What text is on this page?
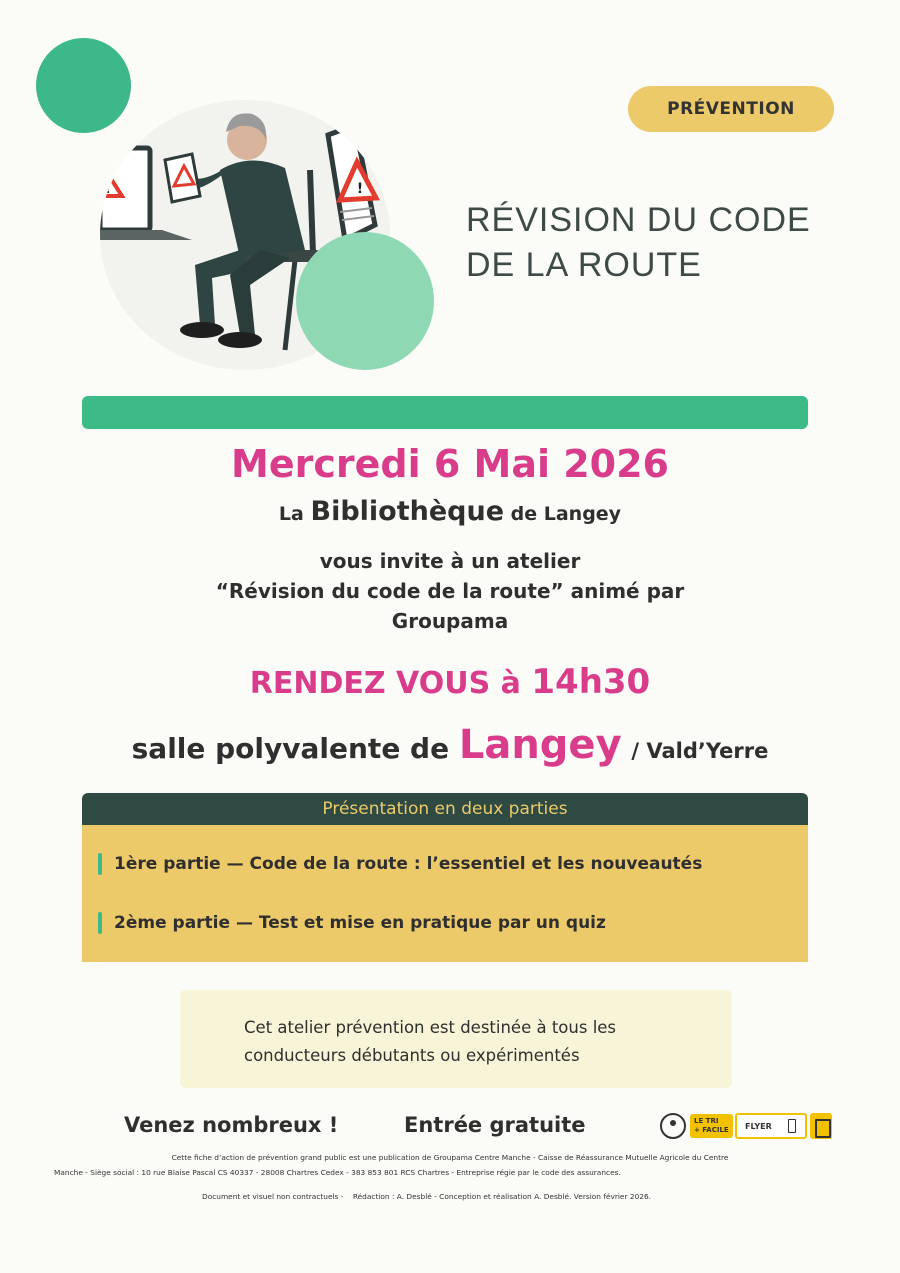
!	!
PRÉVENTION
RÉVISION DU CODE
DE LA ROUTE
Mercredi 6 Mai 2026
La Bibliothèque de Langey
vous invite à un atelier
“Révision du code de la route” animé par
Groupama
RENDEZ VOUS à 14h30
salle polyvalente de Langey / Vald’Yerre
Présentation en deux parties
1ère partie — Code de la route : l’essentiel et les nouveautés
2ème partie — Test et mise en pratique par un quiz
Cet atelier prévention est destinée à tous les
conducteurs débutants ou expérimentés
Venez nombreux !	Entrée gratuite	LE TRI
+ FACILE FLYER
Cette fiche d’action de prévention grand public est une publication de Groupama Centre Manche - Caisse de Réassurance Mutuelle Agricole du Centre
Manche - Siège social : 10 rue Blaise Pascal CS 40337 - 28008 Chartres Cedex - 383 853 801 RCS Chartres - Entreprise régie par le code des assurances.
Document et visuel non contractuels -    Rédaction : A. Desblé - Conception et réalisation A. Desblé. Version février 2026.
